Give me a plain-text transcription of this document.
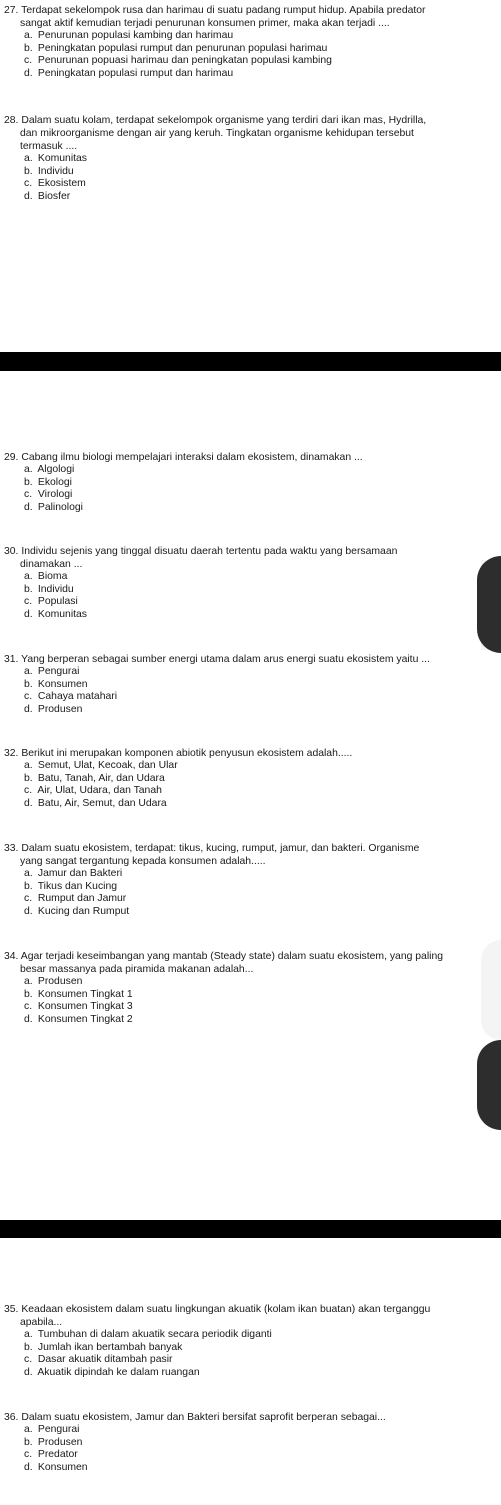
27. Terdapat sekelompok rusa dan harimau di suatu padang rumput hidup. Apabila predator
sangat aktif kemudian terjadi penurunan konsumen primer, maka akan terjadi ....
a. Penurunan populasi kambing dan harimau
b. Peningkatan populasi rumput dan penurunan populasi harimau
c. Penurunan popuasi harimau dan peningkatan populasi kambing
d. Peningkatan populasi rumput dan harimau
28. Dalam suatu kolam, terdapat sekelompok organisme yang terdiri dari ikan mas, Hydrilla,
dan mikroorganisme dengan air yang keruh. Tingkatan organisme kehidupan tersebut
termasuk ....
a. Komunitas
b. Individu
c. Ekosistem
d. Biosfer
29. Cabang ilmu biologi mempelajari interaksi dalam ekosistem, dinamakan ...
a. Algologi
b. Ekologi
c. Virologi
d. Palinologi
30. Individu sejenis yang tinggal disuatu daerah tertentu pada waktu yang bersamaan
dinamakan ...
a. Bioma
b. Individu
c. Populasi
d. Komunitas
31. Yang berperan sebagai sumber energi utama dalam arus energi suatu ekosistem yaitu ...
a. Pengurai
b. Konsumen
c. Cahaya matahari
d. Produsen
32. Berikut ini merupakan komponen abiotik penyusun ekosistem adalah.....
a. Semut, Ulat, Kecoak, dan Ular
b. Batu, Tanah, Air, dan Udara
c. Air, Ulat, Udara, dan Tanah
d. Batu, Air, Semut, dan Udara
33. Dalam suatu ekosistem, terdapat: tikus, kucing, rumput, jamur, dan bakteri. Organisme
yang sangat tergantung kepada konsumen adalah.....
a. Jamur dan Bakteri
b. Tikus dan Kucing
c. Rumput dan Jamur
d. Kucing dan Rumput
34. Agar terjadi keseimbangan yang mantab (Steady state) dalam suatu ekosistem, yang paling
besar massanya pada piramida makanan adalah...
a. Produsen
b. Konsumen Tingkat 1
c. Konsumen Tingkat 3
d. Konsumen Tingkat 2
35. Keadaan ekosistem dalam suatu lingkungan akuatik (kolam ikan buatan) akan terganggu
apabila...
a. Tumbuhan di dalam akuatik secara periodik diganti
b. Jumlah ikan bertambah banyak
c. Dasar akuatik ditambah pasir
d. Akuatik dipindah ke dalam ruangan
36. Dalam suatu ekosistem, Jamur dan Bakteri bersifat saprofit berperan sebagai...
a. Pengurai
b. Produsen
c. Predator
d. Konsumen
